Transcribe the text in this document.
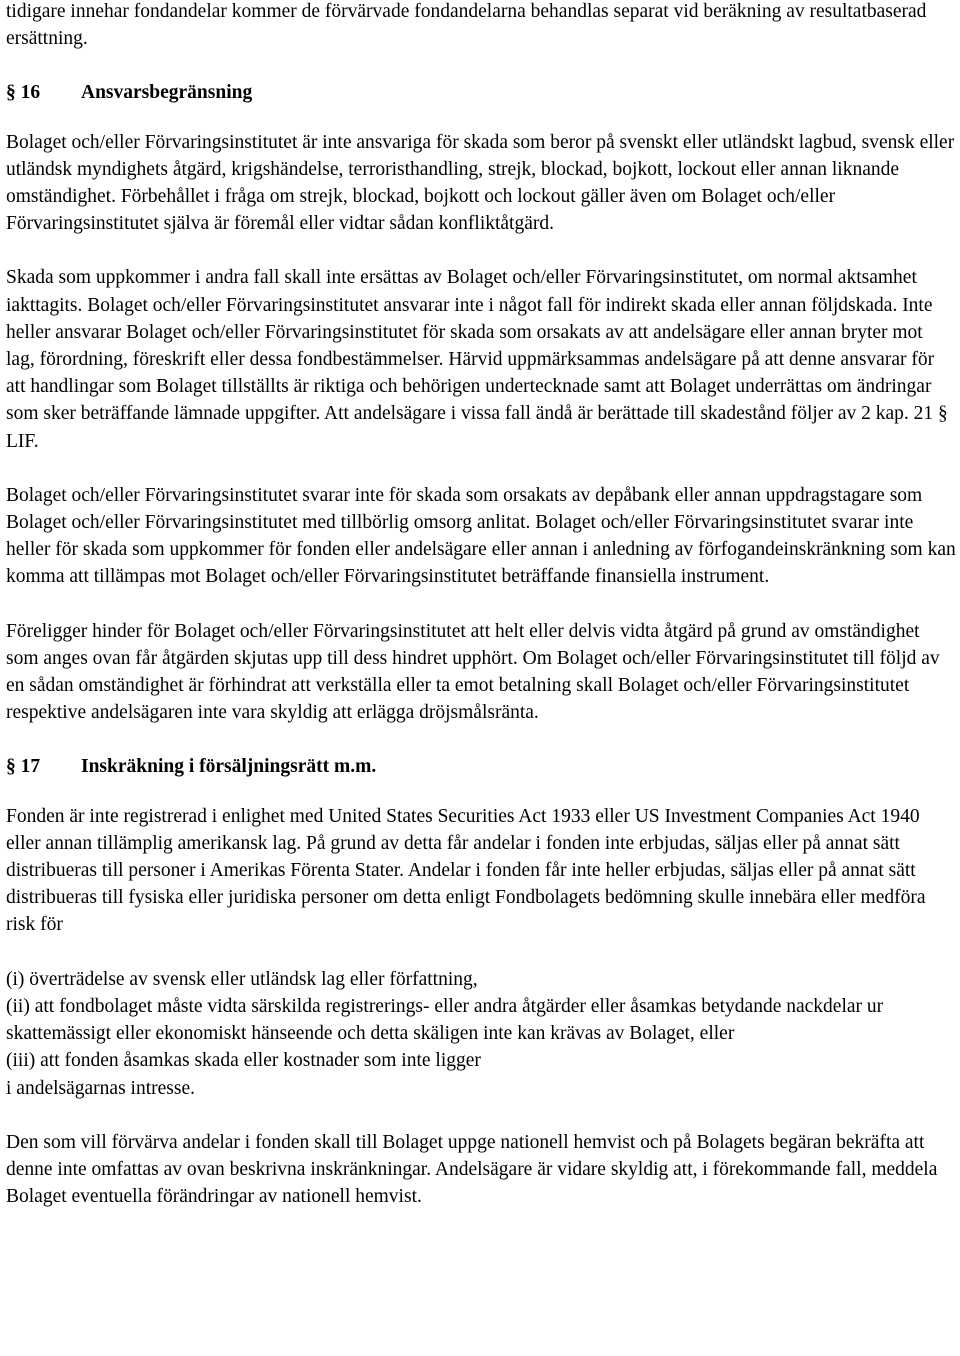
tidigare innehar fondandelar kommer de förvärvade fondandelarna behandlas separat vid beräkning av resultatbaserad ersättning.

§ 16	Ansvarsbegränsning

Bolaget och/eller Förvaringsinstitutet är inte ansvariga för skada som beror på svenskt eller utländskt lagbud, svensk eller utländsk myndighets åtgärd, krigshändelse, terroristhandling, strejk, blockad, bojkott, lockout eller annan liknande omständighet. Förbehållet i fråga om strejk, blockad, bojkott och lockout gäller även om Bolaget och/eller Förvaringsinstitutet själva är föremål eller vidtar sådan konfliktåtgärd.

Skada som uppkommer i andra fall skall inte ersättas av Bolaget och/eller Förvaringsinstitutet, om normal aktsamhet iakttagits. Bolaget och/eller Förvaringsinstitutet ansvarar inte i något fall för indirekt skada eller annan följdskada. Inte heller ansvarar Bolaget och/eller Förvaringsinstitutet för skada som orsakats av att andelsägare eller annan bryter mot lag, förordning, föreskrift eller dessa fondbestämmelser. Härvid uppmärksammas andelsägare på att denne ansvarar för att handlingar som Bolaget tillställts är riktiga och behörigen undertecknade samt att Bolaget underrättas om ändringar som sker beträffande lämnade uppgifter. Att andelsägare i vissa fall ändå är berättade till skadestånd följer av 2 kap. 21 § LIF.

Bolaget och/eller Förvaringsinstitutet svarar inte för skada som orsakats av depåbank eller annan uppdragstagare som Bolaget och/eller Förvaringsinstitutet med tillbörlig omsorg anlitat. Bolaget och/eller Förvaringsinstitutet svarar inte heller för skada som uppkommer för fonden eller andelsägare eller annan i anledning av förfogandeinskränkning som kan komma att tillämpas mot Bolaget och/eller Förvaringsinstitutet beträffande finansiella instrument.

Föreligger hinder för Bolaget och/eller Förvaringsinstitutet att helt eller delvis vidta åtgärd på grund av omständighet som anges ovan får åtgärden skjutas upp till dess hindret upphört. Om Bolaget och/eller Förvaringsinstitutet till följd av en sådan omständighet är förhindrat att verkställa eller ta emot betalning skall Bolaget och/eller Förvaringsinstitutet respektive andelsägaren inte vara skyldig att erlägga dröjsmålsränta.

§ 17	Inskräkning i försäljningsrätt m.m.

Fonden är inte registrerad i enlighet med United States Securities Act 1933 eller US Investment Companies Act 1940 eller annan tillämplig amerikansk lag. På grund av detta får andelar i fonden inte erbjudas, säljas eller på annat sätt distribueras till personer i Amerikas Förenta Stater. Andelar i fonden får inte heller erbjudas, säljas eller på annat sätt distribueras till fysiska eller juridiska personer om detta enligt Fondbolagets bedömning skulle innebära eller medföra risk för

(i) överträdelse av svensk eller utländsk lag eller författning,

(ii) att fondbolaget måste vidta särskilda registrerings- eller andra åtgärder eller åsamkas betydande nackdelar ur skattemässigt eller ekonomiskt hänseende och detta skäligen inte kan krävas av Bolaget, eller

(iii) att fonden åsamkas skada eller kostnader som inte ligger

i andelsägarnas intresse.

Den som vill förvärva andelar i fonden skall till Bolaget uppge nationell hemvist och på Bolagets begäran bekräfta att denne inte omfattas av ovan beskrivna inskränkningar. Andelsägare är vidare skyldig att, i förekommande fall, meddela Bolaget eventuella förändringar av nationell hemvist.
